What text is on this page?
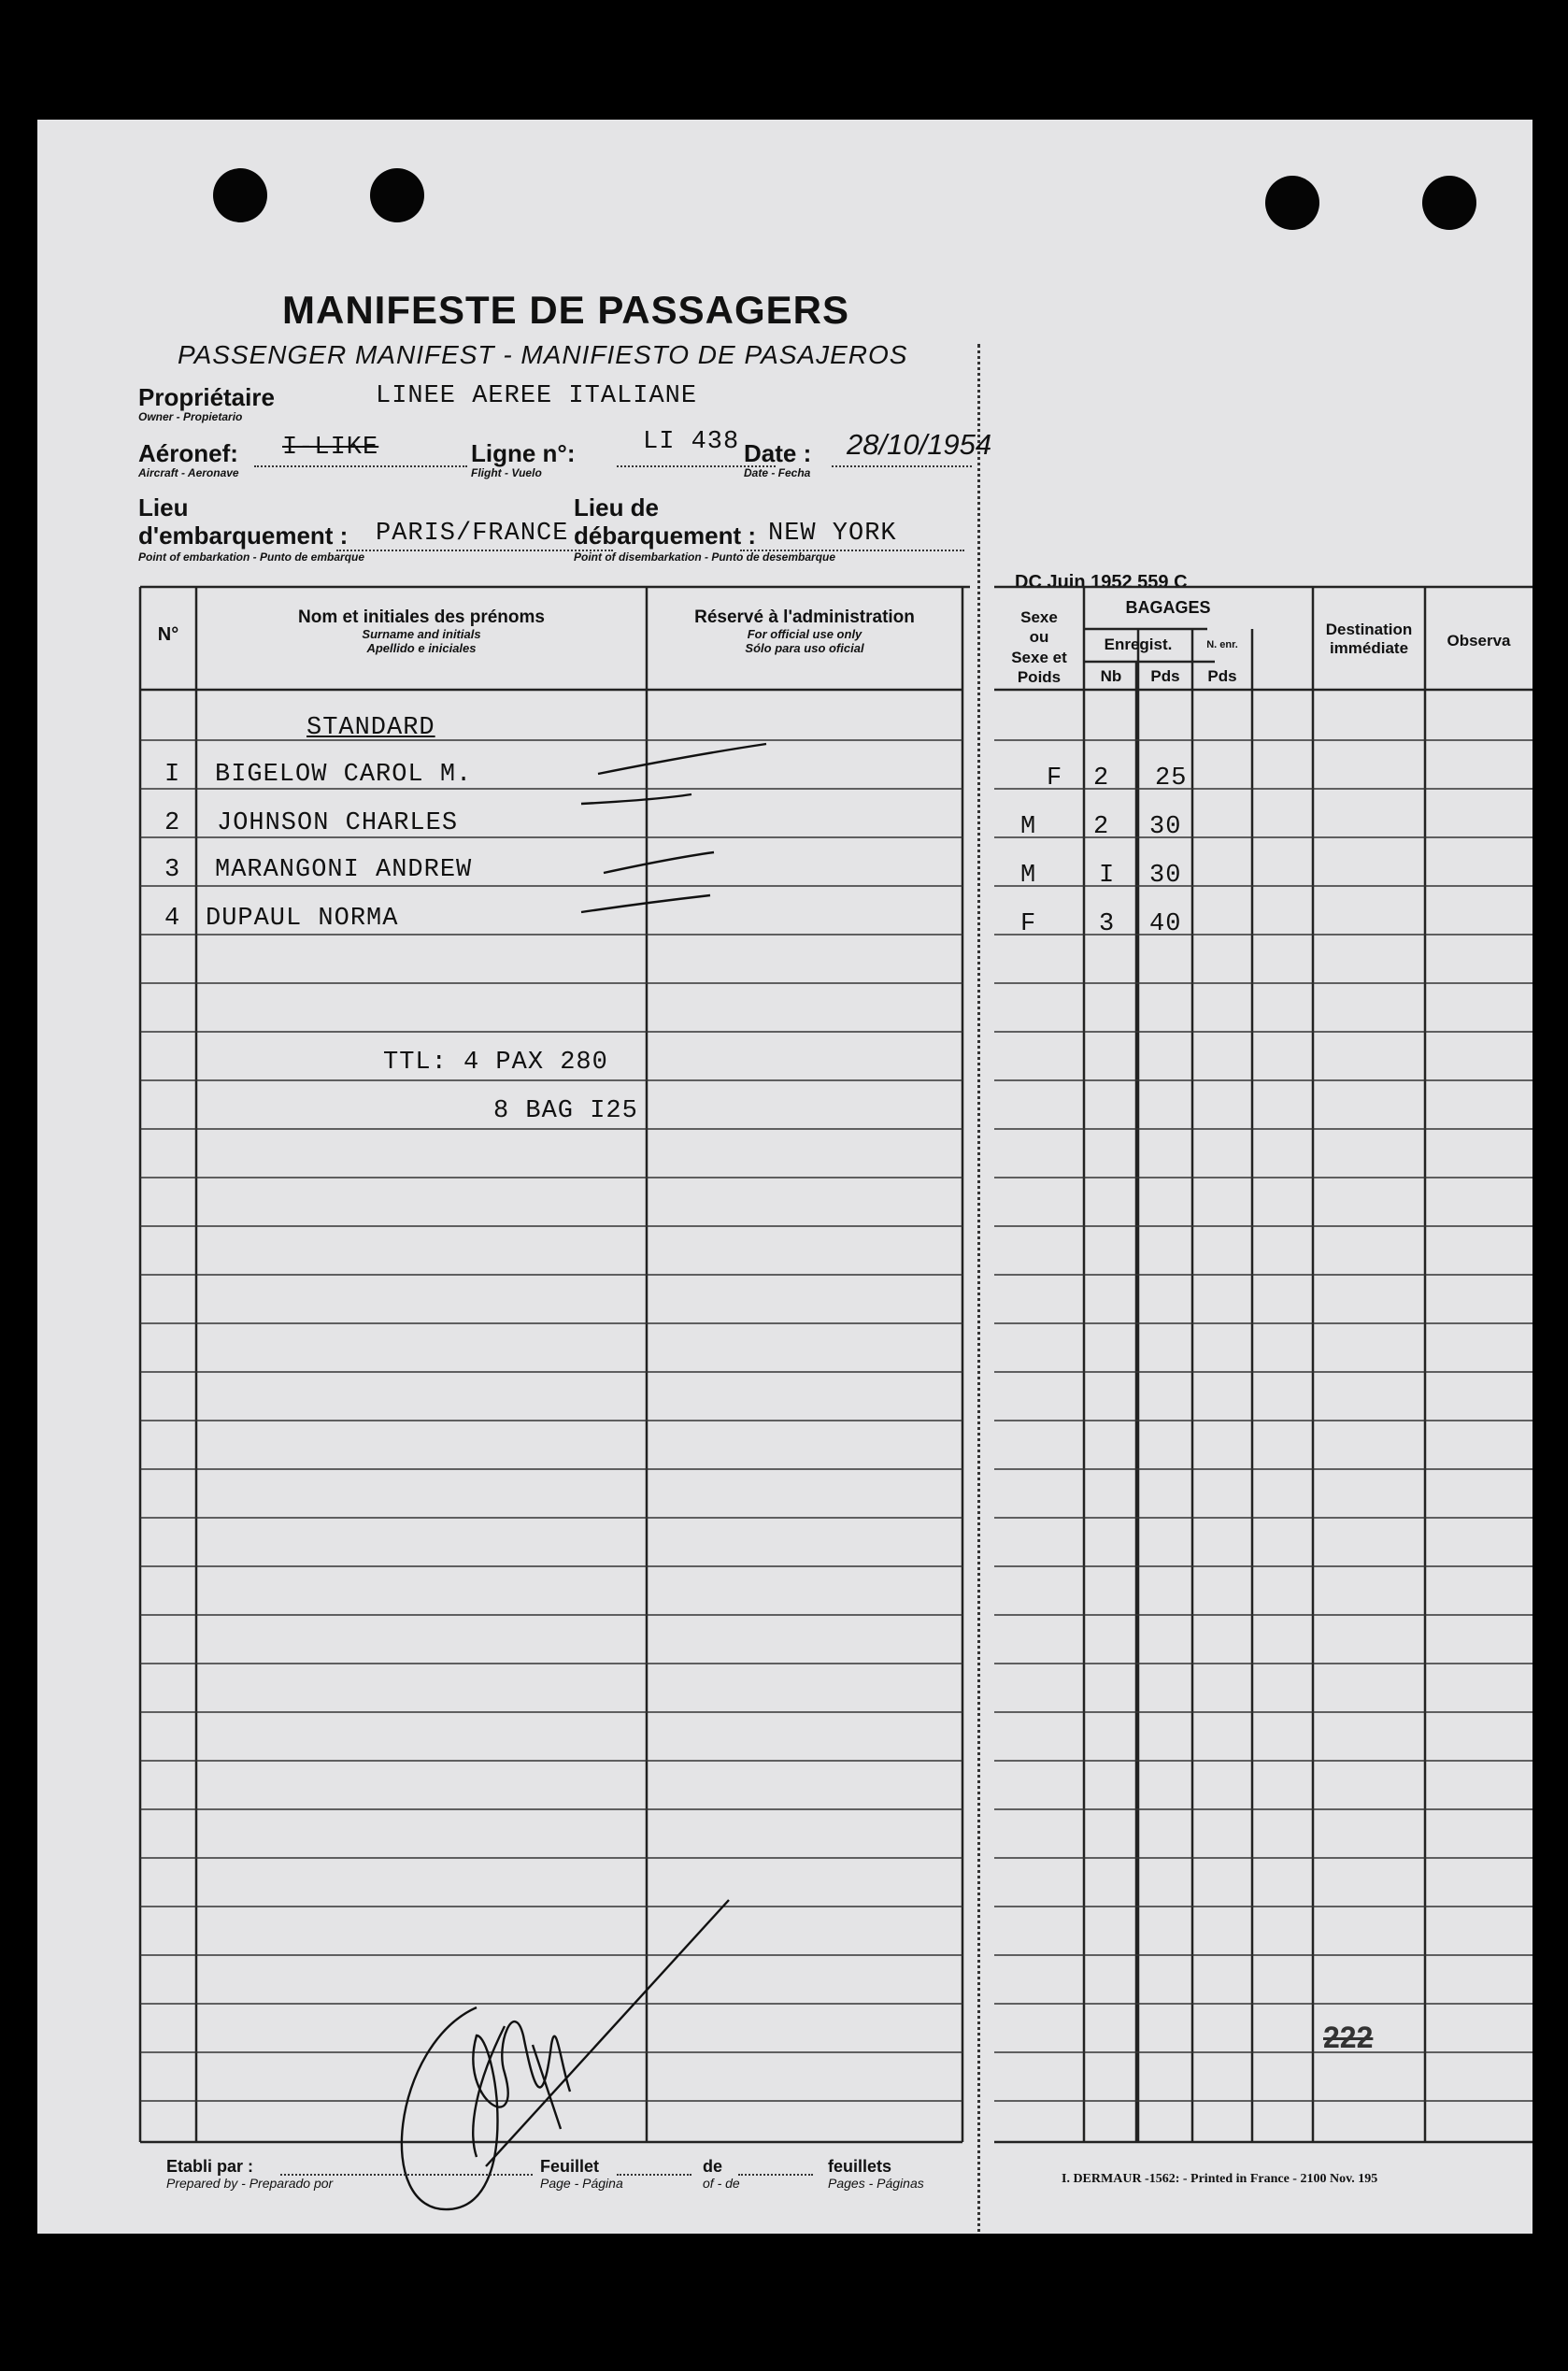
MANIFESTE DE PASSAGERS
PASSENGER MANIFEST - MANIFIESTO DE PASAJEROS
Propriétaire
Owner - Propietario
LINEE AEREE ITALIANE
Aéronef:
Aircraft - Aeronave
I-LIKE	Ligne n°:
Flight - Vuelo
LI 438 Date :
Date - Fecha
28/10/1954
Lieu
d'embarquement :
Point of embarkation - Punto de embarque
PARIS/FRANCE
Lieu de
débarquement :
Point of disembarkation - Punto de desembarque
NEW YORK
DC Juin 1952 559 C
N°
Nom et initiales des prénoms
Surname and initials
Apellido e iniciales
Réservé à l'administration
For official use only
Sólo para uso oficial
Sexe
ou
Sexe et
Poids
BAGAGES
Enregist.	N. enr.
Nb	Pds	Pds
Destination
immédiate	Observa
STANDARD
I BIGELOW CAROL M.	F 2 25
2 JOHNSON CHARLES	M 2 30
3 MARANGONI ANDREW	M I 30
4 DUPAUL NORMA	F 3 40
TTL: 4 PAX 280
8 BAG I25
222
Etabli par :
Prepared by - Preparado por
Feuillet
Page - Página
de
of - de
feuillets
Pages - Páginas	I. DERMAUR -1562: - Printed in France - 2100 Nov. 195
